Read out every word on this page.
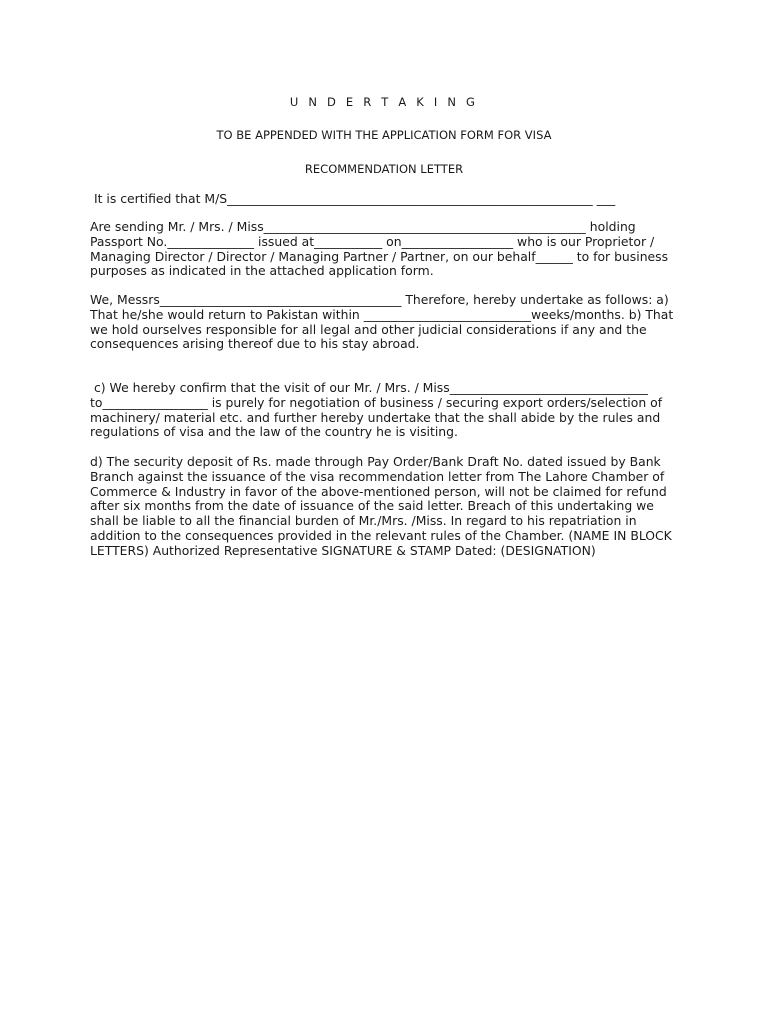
U N D E R T A K I N G
TO BE APPENDED WITH THE APPLICATION FORM FOR VISA
RECOMMENDATION LETTER

It is certified that M/S___________________________________________________________ ___

Are sending Mr. / Mrs. / Miss____________________________________________________ holding Passport No.______________ issued at___________ on__________________ who is our Proprietor / Managing Director / Director / Managing Partner / Partner, on our behalf______ to for business purposes as indicated in the attached application form.

We, Messrs_______________________________________ Therefore, hereby undertake as follows: a) That he/she would return to Pakistan within ___________________________weeks/months. b) That we hold ourselves responsible for all legal and other judicial considerations if any and the consequences arising thereof due to his stay abroad.

c) We hereby confirm that the visit of our Mr. / Mrs. / Miss________________________________ to_________________ is purely for negotiation of business / securing export orders/selection of machinery/ material etc. and further hereby undertake that the shall abide by the rules and regulations of visa and the law of the country he is visiting.

d) The security deposit of Rs. made through Pay Order/Bank Draft No. dated issued by Bank Branch against the issuance of the visa recommendation letter from The Lahore Chamber of Commerce & Industry in favor of the above-mentioned person, will not be claimed for refund after six months from the date of issuance of the said letter. Breach of this undertaking we shall be liable to all the financial burden of Mr./Mrs. /Miss. In regard to his repatriation in addition to the consequences provided in the relevant rules of the Chamber. (NAME IN BLOCK LETTERS) Authorized Representative SIGNATURE & STAMP Dated: (DESIGNATION)
